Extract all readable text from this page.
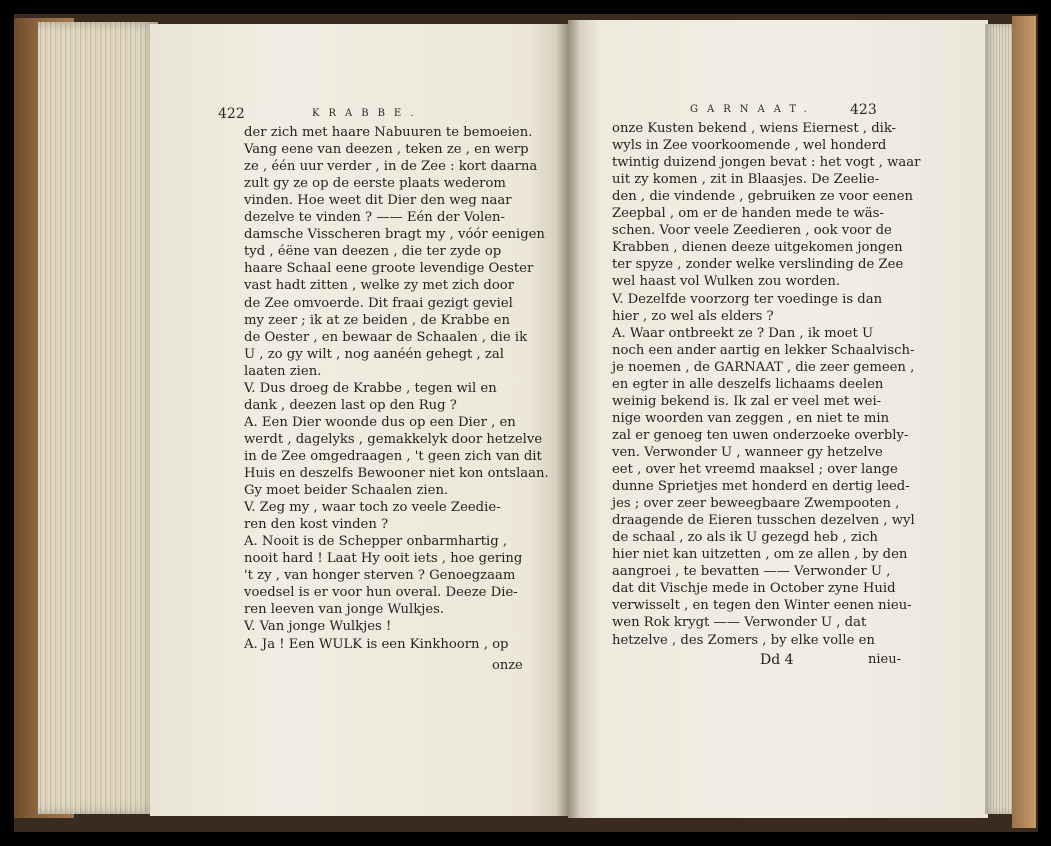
422	KRABBE.
der zich met haare Nabuuren te bemoeien.
Vang eene van deezen , teken ze , en werp
ze , één uur verder , in de Zee : kort daarna
zult gy ze op de eerste plaats wederom
vinden. Hoe weet dit Dier den weg naar
dezelve te vinden ? —— Eén der Volen-
damsche Visscheren bragt my , vóór eenigen
tyd , éëne van deezen , die ter zyde op
haare Schaal eene groote levendige Oester
vast hadt zitten , welke zy met zich door
de Zee omvoerde. Dit fraai gezigt geviel
my zeer ; ik at ze beiden , de Krabbe en
de Oester , en bewaar de Schaalen , die ik
U , zo gy wilt , nog aanéén gehegt , zal
laaten zien.
V. Dus droeg de Krabbe , tegen wil en
dank , deezen last op den Rug ?
A. Een Dier woonde dus op een Dier , en
werdt , dagelyks , gemakkelyk door hetzelve
in de Zee omgedraagen , 't geen zich van dit
Huis en deszelfs Bewooner niet kon ontslaan.
Gy moet beider Schaalen zien.
V. Zeg my , waar toch zo veele Zeedie-
ren den kost vinden ?
A. Nooit is de Schepper onbarmhartig ,
nooit hard ! Laat Hy ooit iets , hoe gering
't zy , van honger sterven ? Genoegzaam
voedsel is er voor hun overal. Deeze Die-
ren leeven van jonge Wulkjes.
V. Van jonge Wulkjes !
A. Ja ! Een WULK is een Kinkhoorn , op
onze
GARNAAT. 423
onze Kusten bekend , wiens Eiernest , dik-
wyls in Zee voorkoomende , wel honderd
twintig duizend jongen bevat : het vogt , waar
uit zy komen , zit in Blaasjes. De Zeelie-
den , die vindende , gebruiken ze voor eenen
Zeepbal , om er de handen mede te wäs-
schen. Voor veele Zeedieren , ook voor de
Krabben , dienen deeze uitgekomen jongen
ter spyze , zonder welke verslinding de Zee
wel haast vol Wulken zou worden.
V. Dezelfde voorzorg ter voedinge is dan
hier , zo wel als elders ?
A. Waar ontbreekt ze ? Dan , ik moet U
noch een ander aartig en lekker Schaalvisch-
je noemen , de GARNAAT , die zeer gemeen ,
en egter in alle deszelfs lichaams deelen
weinig bekend is. Ik zal er veel met wei-
nige woorden van zeggen , en niet te min
zal er genoeg ten uwen onderzoeke overbly-
ven. Verwonder U , wanneer gy hetzelve
eet , over het vreemd maaksel ; over lange
dunne Sprietjes met honderd en dertig leed-
jes ; over zeer beweegbaare Zwempooten ,
draagende de Eieren tusschen dezelven , wyl
de schaal , zo als ik U gezegd heb , zich
hier niet kan uitzetten , om ze allen , by den
aangroei , te bevatten —— Verwonder U ,
dat dit Vischje mede in October zyne Huid
verwisselt , en tegen den Winter eenen nieu-
wen Rok krygt —— Verwonder U , dat
hetzelve , des Zomers , by elke volle en
Dd 4	nieu-
